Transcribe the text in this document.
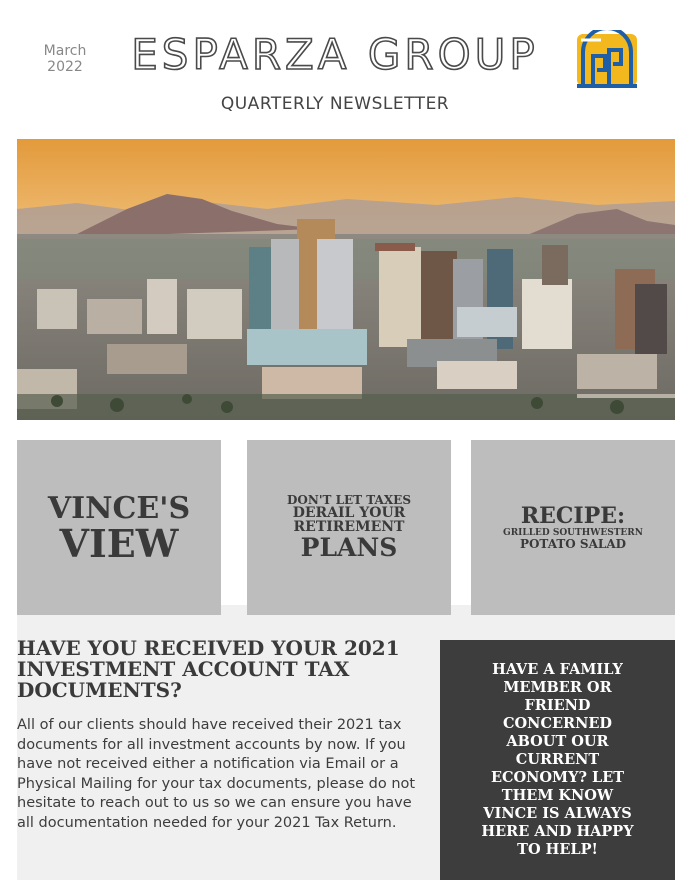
March
2022	ESPARZA GROUP
QUARTERLY NEWSLETTER
VINCE'S
VIEW
DON'T LET TAXES
DERAIL YOUR
RETIREMENT
PLANS
RECIPE:
GRILLED SOUTHWESTERN
POTATO SALAD
HAVE YOU RECEIVED YOUR 2021 INVESTMENT ACCOUNT TAX DOCUMENTS?
All of our clients should have received their 2021 tax documents for all investment accounts by now. If you have not received either a notification via Email or a Physical Mailing for your tax documents, please do not hesitate to reach out to us so we can ensure you have all documentation needed for your 2021 Tax Return.
HAVE A FAMILY MEMBER OR FRIEND CONCERNED ABOUT OUR CURRENT ECONOMY? LET THEM KNOW VINCE IS ALWAYS HERE AND HAPPY TO HELP!
